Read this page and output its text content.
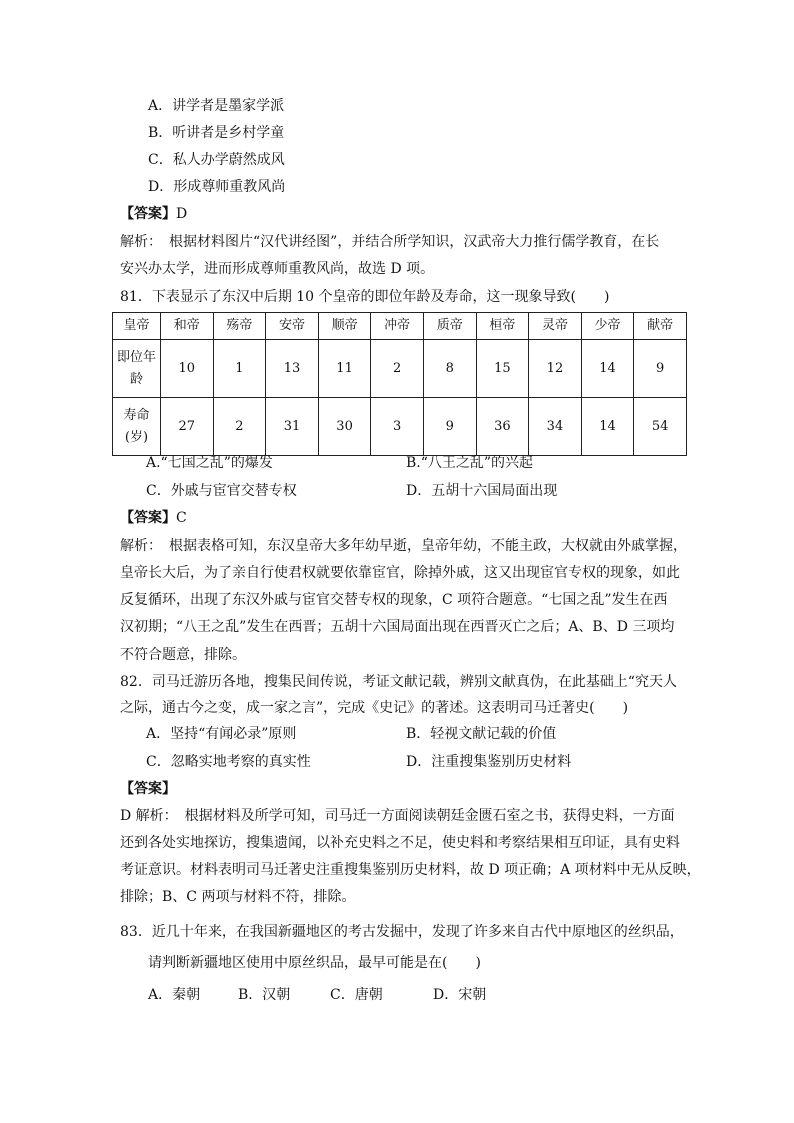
A．讲学者是墨家学派
B．听讲者是乡村学童
C．私人办学蔚然成风
D．形成尊师重教风尚
【答案】D
解析：　根据材料图片“汉代讲经图”，并结合所学知识，汉武帝大力推行儒学教育，在长
安兴办太学，进而形成尊师重教风尚，故选 D 项。
81．下表显示了东汉中后期 10 个皇帝的即位年龄及寿命，这一现象导致(　　)
皇帝	和帝	殇帝	安帝	顺帝	冲帝	质帝	桓帝	灵帝	少帝	献帝
即位年龄	10	1	13	11	2	8	15	12	14	9
寿命(岁)	27	2	31	30	3	9	36	34	14	54
A.“七国之乱”的爆发	B.“八王之乱”的兴起
C．外戚与宦官交替专权	D．五胡十六国局面出现
【答案】C
解析：　根据表格可知，东汉皇帝大多年幼早逝，皇帝年幼，不能主政，大权就由外戚掌握，
皇帝长大后，为了亲自行使君权就要依靠宦官，除掉外戚，这又出现宦官专权的现象，如此
反复循环，出现了东汉外戚与宦官交替专权的现象，C 项符合题意。“七国之乱”发生在西
汉初期；“八王之乱”发生在西晋；五胡十六国局面出现在西晋灭亡之后；A、B、D 三项均
不符合题意，排除。
82．司马迁游历各地，搜集民间传说，考证文献记载，辨别文献真伪，在此基础上“究天人
之际，通古今之变，成一家之言”，完成《史记》的著述。这表明司马迁著史(　　)
A．坚持“有闻必录”原则	B．轻视文献记载的价值
C．忽略实地考察的真实性	D．注重搜集鉴别历史材料
【答案】
D 解析：　根据材料及所学可知，司马迁一方面阅读朝廷金匮石室之书，获得史料，一方面
还到各处实地探访，搜集遗闻，以补充史料之不足，使史料和考察结果相互印证，具有史料
考证意识。材料表明司马迁著史注重搜集鉴别历史材料，故 D 项正确；A 项材料中无从反映，
排除；B、C 两项与材料不符，排除。
83．近几十年来，在我国新疆地区的考古发掘中，发现了许多来自古代中原地区的丝织品，
请判断新疆地区使用中原丝织品，最早可能是在(　　)
A．秦朝	B．汉朝	C．唐朝	D．宋朝
